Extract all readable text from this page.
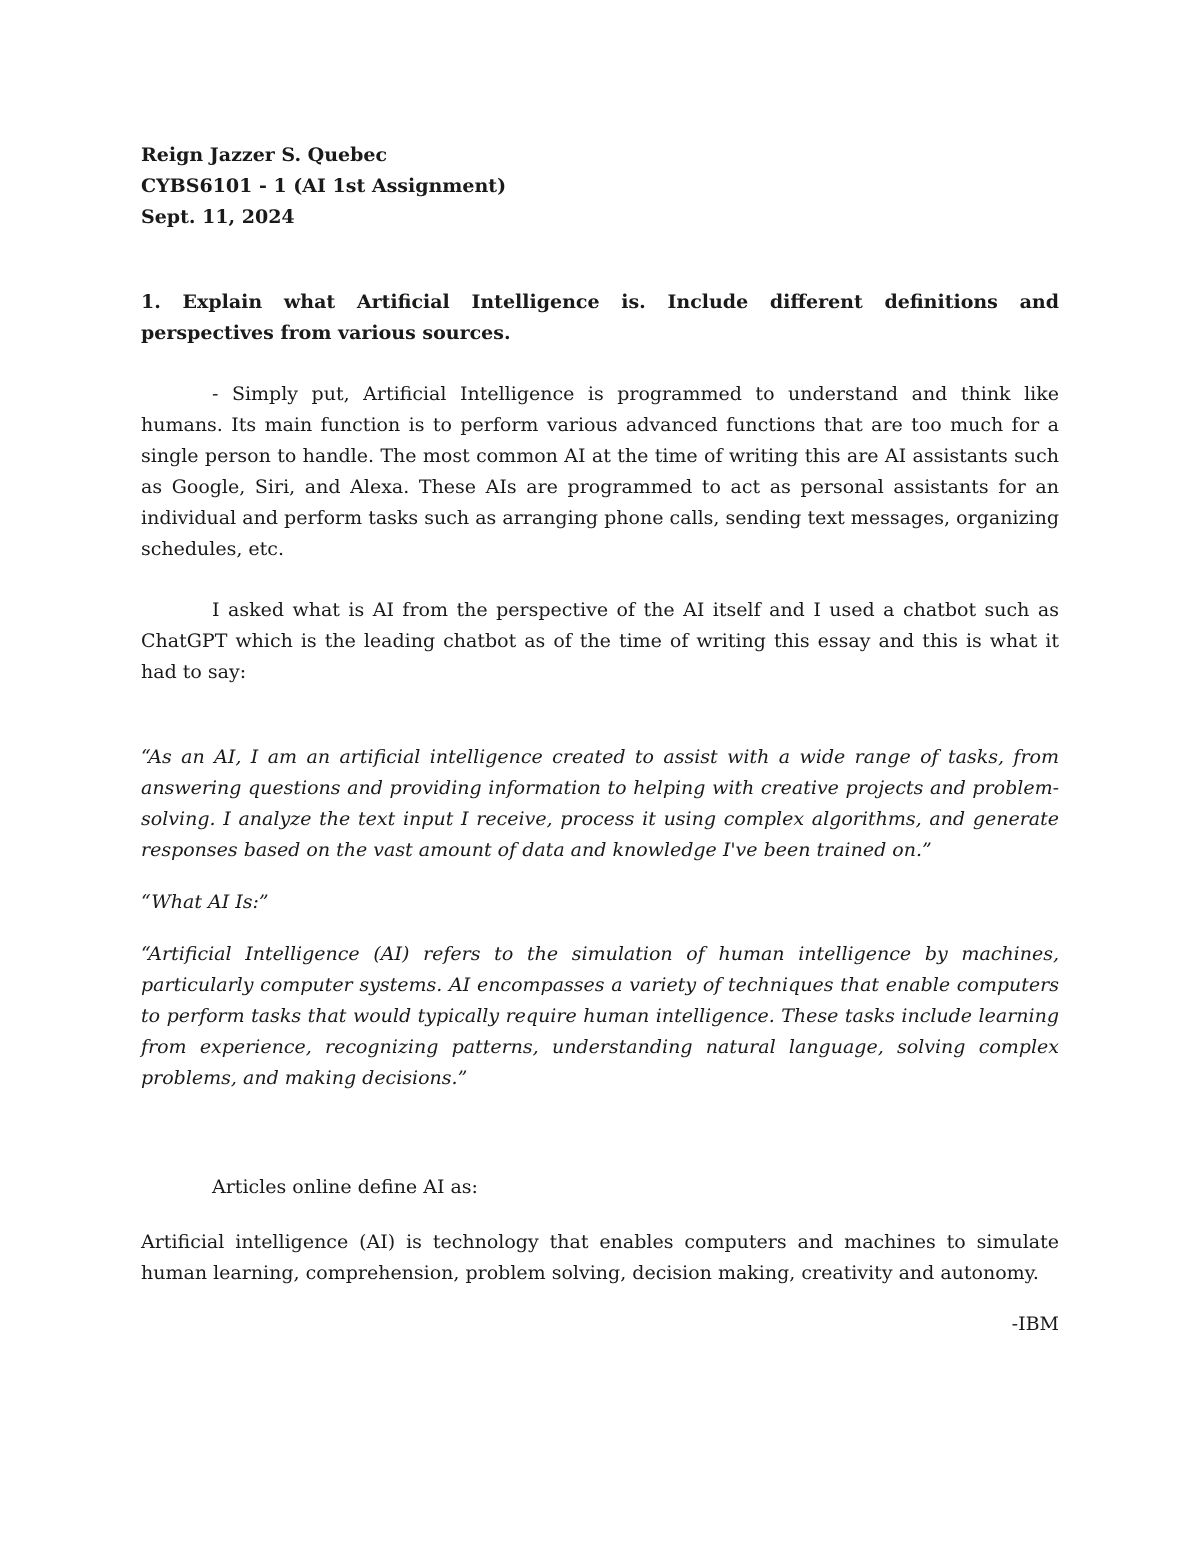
Reign Jazzer S. Quebec

CYBS6101 - 1 (AI 1st Assignment)

Sept. 11, 2024

1. Explain what Artificial Intelligence is. Include different definitions and perspectives from various sources.

- Simply put, Artificial Intelligence is programmed to understand and think like humans. Its main function is to perform various advanced functions that are too much for a single person to handle. The most common AI at the time of writing this are AI assistants such as Google, Siri, and Alexa. These AIs are programmed to act as personal assistants for an individual and perform tasks such as arranging phone calls, sending text messages, organizing schedules, etc.

I asked what is AI from the perspective of the AI itself and I used a chatbot such as ChatGPT which is the leading chatbot as of the time of writing this essay and this is what it had to say:

“As an AI, I am an artificial intelligence created to assist with a wide range of tasks, from answering questions and providing information to helping with creative projects and problem-solving. I analyze the text input I receive, process it using complex algorithms, and generate responses based on the vast amount of data and knowledge I've been trained on.”

“What AI Is:”

“Artificial Intelligence (AI) refers to the simulation of human intelligence by machines, particularly computer systems. AI encompasses a variety of techniques that enable computers to perform tasks that would typically require human intelligence. These tasks include learning from experience, recognizing patterns, understanding natural language, solving complex problems, and making decisions.”

Articles online define AI as:

Artificial intelligence (AI) is technology that enables computers and machines to simulate human learning, comprehension, problem solving, decision making, creativity and autonomy.

-IBM
